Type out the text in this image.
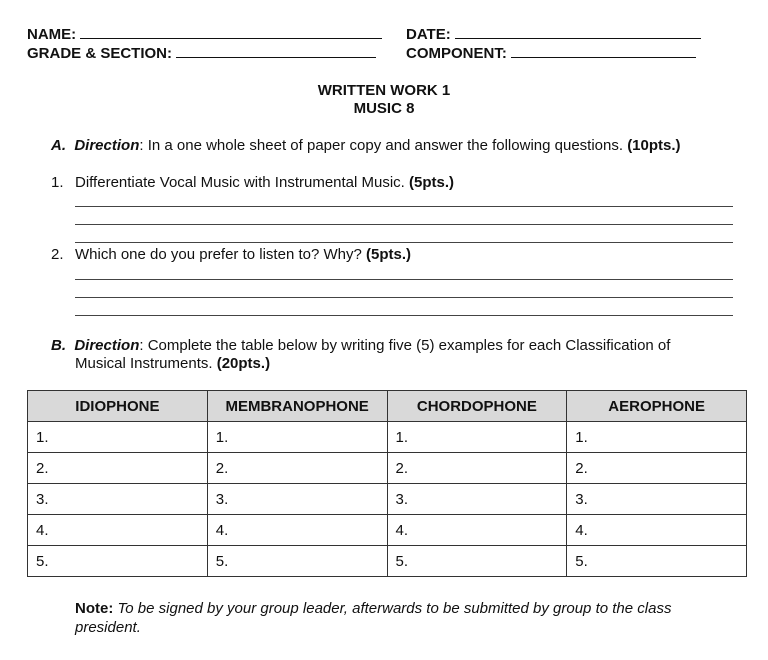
NAME:
GRADE & SECTION:
DATE:
COMPONENT:
WRITTEN WORK 1
MUSIC 8
A. Direction: In a one whole sheet of paper copy and answer the following questions. (10pts.)
1. Differentiate Vocal Music with Instrumental Music. (5pts.)
2. Which one do you prefer to listen to? Why? (5pts.)
B. Direction: Complete the table below by writing five (5) examples for each Classification of
Musical Instruments. (20pts.)
IDIOPHONE	MEMBRANOPHONE	CHORDOPHONE	AEROPHONE
1.	1.	1.	1.
2.	2.	2.	2.
3.	3.	3.	3.
4.	4.	4.	4.
5.	5.	5.	5.
Note: To be signed by your group leader, afterwards to be submitted by group to the class
president.
